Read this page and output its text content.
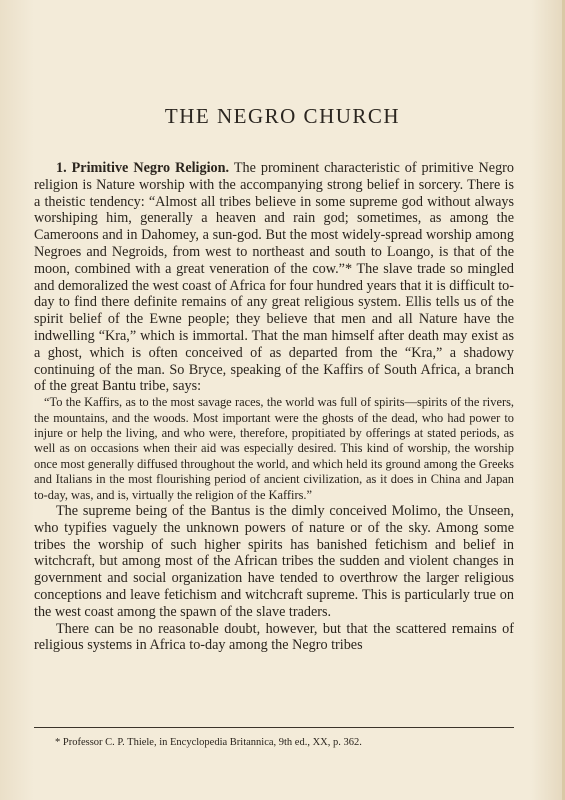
THE NEGRO CHURCH

1. Primitive Negro Religion. The prominent characteristic of primitive Negro religion is Nature worship with the accompanying strong belief in sorcery. There is a theistic tendency: “Almost all tribes believe in some supreme god without always worshiping him, generally a heaven and rain god; sometimes, as among the Cameroons and in Dahomey, a sun-god. But the most widely-spread worship among Negroes and Negroids, from west to northeast and south to Loango, is that of the moon, combined with a great veneration of the cow.”* The slave trade so mingled and demoralized the west coast of Africa for four hundred years that it is difficult to-day to find there definite remains of any great religious system. Ellis tells us of the spirit belief of the Ewne people; they believe that men and all Nature have the indwelling “Kra,” which is immortal. That the man himself after death may exist as a ghost, which is often conceived of as departed from the “Kra,” a shadowy continuing of the man. So Bryce, speaking of the Kaffirs of South Africa, a branch of the great Bantu tribe, says:

“To the Kaffirs, as to the most savage races, the world was full of spirits—spirits of the rivers, the mountains, and the woods. Most important were the ghosts of the dead, who had power to injure or help the living, and who were, therefore, propitiated by offerings at stated periods, as well as on occasions when their aid was especially desired. This kind of worship, the worship once most generally diffused throughout the world, and which held its ground among the Greeks and Italians in the most flourishing period of ancient civilization, as it does in China and Japan to-day, was, and is, virtually the religion of the Kaffirs.”

The supreme being of the Bantus is the dimly conceived Molimo, the Unseen, who typifies vaguely the unknown powers of nature or of the sky. Among some tribes the worship of such higher spirits has banished fetichism and belief in witchcraft, but among most of the African tribes the sudden and violent changes in government and social organization have tended to overthrow the larger religious conceptions and leave fetichism and witchcraft supreme. This is particularly true on the west coast among the spawn of the slave traders.

There can be no reasonable doubt, however, but that the scattered remains of religious systems in Africa to-day among the Negro tribes

* Professor C. P. Thiele, in Encyclopedia Britannica, 9th ed., XX, p. 362.
